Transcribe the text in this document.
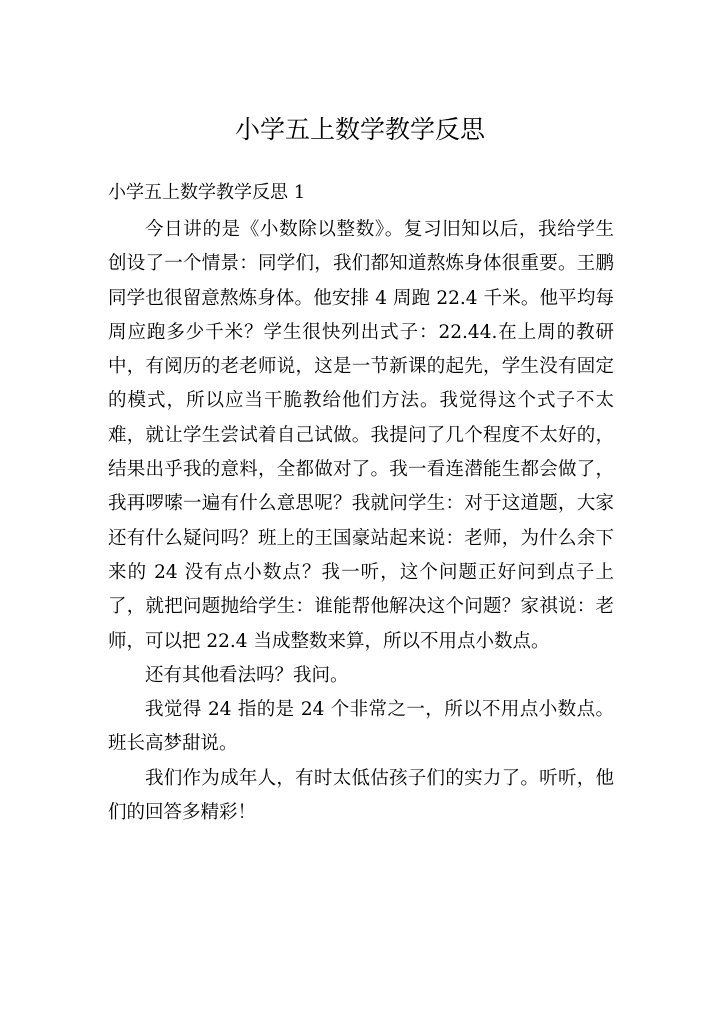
小学五上数学教学反思
小学五上数学教学反思 1

今日讲的是《小数除以整数》。复习旧知以后，我给学生创设了一个情景：同学们，我们都知道熬炼身体很重要。王鹏同学也很留意熬炼身体。他安排 4 周跑 22.4 千米。他平均每周应跑多少千米？学生很快列出式子：22.44.在上周的教研中，有阅历的老老师说，这是一节新课的起先，学生没有固定的模式，所以应当干脆教给他们方法。我觉得这个式子不太难，就让学生尝试着自己试做。我提问了几个程度不太好的，结果出乎我的意料，全都做对了。我一看连潜能生都会做了，我再啰嗦一遍有什么意思呢？我就问学生：对于这道题，大家还有什么疑问吗？班上的王国豪站起来说：老师，为什么余下来的 24 没有点小数点？我一听，这个问题正好问到点子上了，就把问题抛给学生：谁能帮他解决这个问题？家祺说：老师，可以把 22.4 当成整数来算，所以不用点小数点。

还有其他看法吗？我问。

我觉得 24 指的是 24 个非常之一，所以不用点小数点。班长高梦甜说。

我们作为成年人，有时太低估孩子们的实力了。听听，他们的回答多精彩！
